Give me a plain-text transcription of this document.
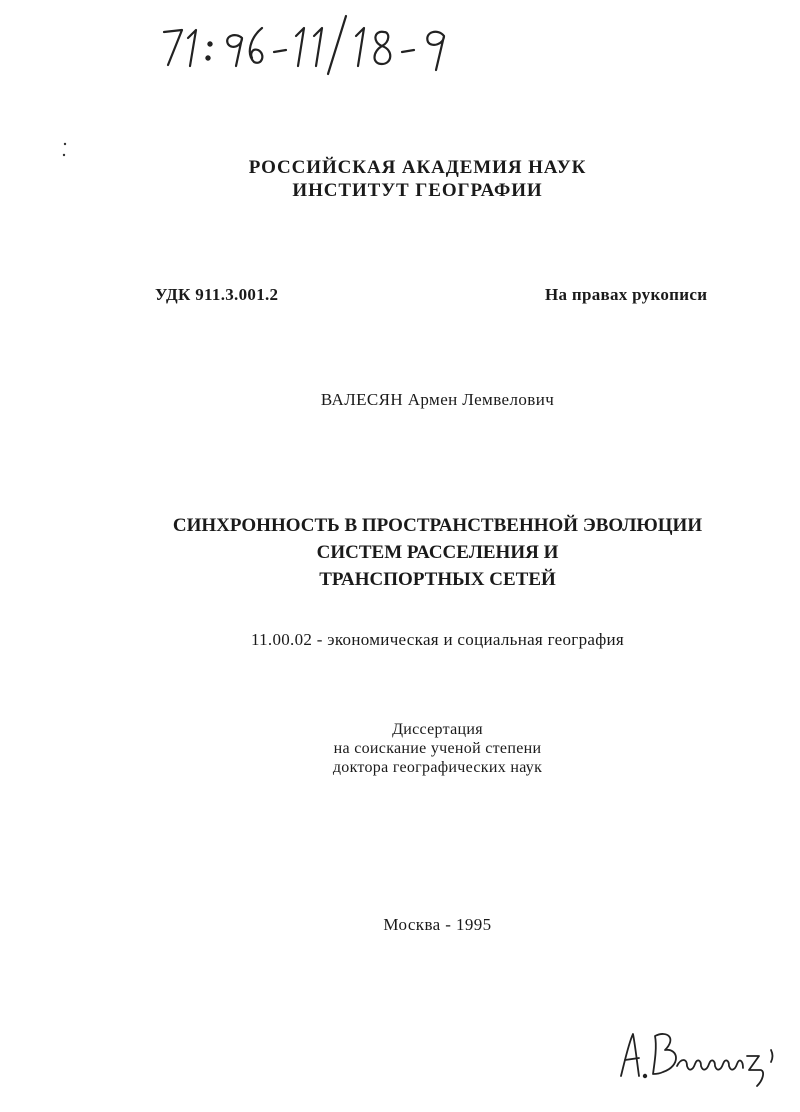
РОССИЙСКАЯ АКАДЕМИЯ НАУК
ИНСТИТУТ ГЕОГРАФИИ
УДК 911.3.001.2	На правах рукописи
ВАЛЕСЯН Армен Лемвелович
СИНХРОННОСТЬ В ПРОСТРАНСТВЕННОЙ ЭВОЛЮЦИИ
СИСТЕМ РАССЕЛЕНИЯ И
ТРАНСПОРТНЫХ СЕТЕЙ
11.00.02 - экономическая и социальная география
Диссертация
на соискание ученой степени
доктора географических наук
Москва - 1995
